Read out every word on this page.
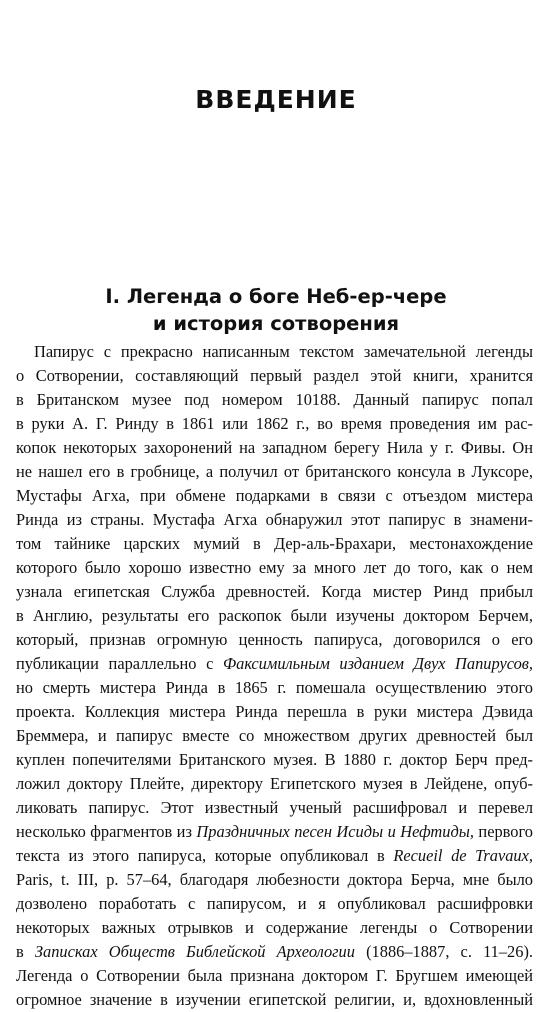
ВВЕДЕНИЕ
I. Легенда о боге Неб-ер-чере
и история сотворения
Папирус с прекрасно написанным текстом замечательной легенды
о Сотворении, составляющий первый раздел этой книги, хранится
в Британском музее под номером 10188. Данный папирус попал
в руки А. Г. Ринду в 1861 или 1862 г., во время проведения им рас-
копок некоторых захоронений на западном берегу Нила у г. Фивы. Он
не нашел его в гробнице, а получил от британского консула в Луксоре,
Мустафы Агха, при обмене подарками в связи с отъездом мистера
Ринда из страны. Мустафа Агха обнаружил этот папирус в знамени-
том тайнике царских мумий в Дер-аль-Брахари, местонахождение
которого было хорошо известно ему за много лет до того, как о нем
узнала египетская Служба древностей. Когда мистер Ринд прибыл
в Англию, результаты его раскопок были изучены доктором Берчем,
который, признав огромную ценность папируса, договорился о его
публикации параллельно с Факсимильным изданием Двух Папирусов,
но смерть мистера Ринда в 1865 г. помешала осуществлению этого
проекта. Коллекция мистера Ринда перешла в руки мистера Дэвида
Бреммера, и папирус вместе со множеством других древностей был
куплен попечителями Британского музея. В 1880 г. доктор Берч пред-
ложил доктору Плейте, директору Египетского музея в Лейдене, опуб-
ликовать папирус. Этот известный ученый расшифровал и перевел
несколько фрагментов из Праздничных песен Исиды и Нефтиды, первого
текста из этого папируса, которые опубликовал в Recueil de Travaux,
Paris, t. III, p. 57–64, благодаря любезности доктора Берча, мне было
дозволено поработать с папирусом, и я опубликовал расшифровки
некоторых важных отрывков и содержание легенды о Сотворении
в Записках Обществ Библейской Археологии (1886–1887, с. 11–26).
Легенда о Сотворении была признана доктором Г. Бругшем имеющей
огромное значение в изучении египетской религии, и, вдохновленный
